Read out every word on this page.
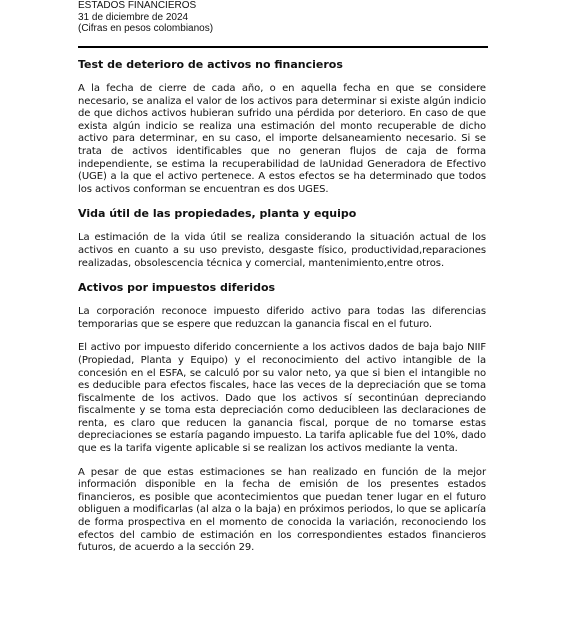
ESTADOS FINANCIEROS
31 de diciembre de 2024
(Cifras en pesos colombianos)
Test de deterioro de activos no financieros

A la fecha de cierre de cada año, o en aquella fecha en que se considere necesario, se analiza el valor de los activos para determinar si existe algún indicio de que dichos activos hubieran sufrido una pérdida por deterioro. En caso de que exista algún indicio se realiza una estimación del monto recuperable de dicho activo para determinar, en su caso, el importe delsaneamiento necesario. Si se trata de activos identificables que no generan flujos de caja de forma independiente, se estima la recuperabilidad de laUnidad Generadora de Efectivo (UGE) a la que el activo pertenece. A estos efectos se ha determinado que todos los activos conforman se encuentran es dos UGES.

Vida útil de las propiedades, planta y equipo

La estimación de la vida útil se realiza considerando la situación actual de los activos en cuanto a su uso previsto, desgaste físico, productividad,reparaciones realizadas, obsolescencia técnica y comercial, mantenimiento,entre otros.

Activos por impuestos diferidos

La corporación reconoce impuesto diferido activo para todas las diferencias temporarias que se espere que reduzcan la ganancia fiscal en el futuro.

El activo por impuesto diferido concerniente a los activos dados de baja bajo NIIF (Propiedad, Planta y Equipo) y el reconocimiento del activo intangible de la concesión en el ESFA, se calculó por su valor neto, ya que si bien el intangible no es deducible para efectos fiscales, hace las veces de la depreciación que se toma fiscalmente de los activos. Dado que los activos sí secontinúan depreciando fiscalmente y se toma esta depreciación como deducibleen las declaraciones de renta, es claro que reducen la ganancia fiscal, porque de no tomarse estas depreciaciones se estaría pagando impuesto. La tarifa aplicable fue del 10%, dado que es la tarifa vigente aplicable si se realizan los activos mediante la venta.

A pesar de que estas estimaciones se han realizado en función de la mejor información disponible en la fecha de emisión de los presentes estados financieros, es posible que acontecimientos que puedan tener lugar en el futuro obliguen a modificarlas (al alza o la baja) en próximos periodos, lo que se aplicaría de forma prospectiva en el momento de conocida la variación, reconociendo los efectos del cambio de estimación en los correspondientes estados financieros futuros, de acuerdo a la sección 29.
